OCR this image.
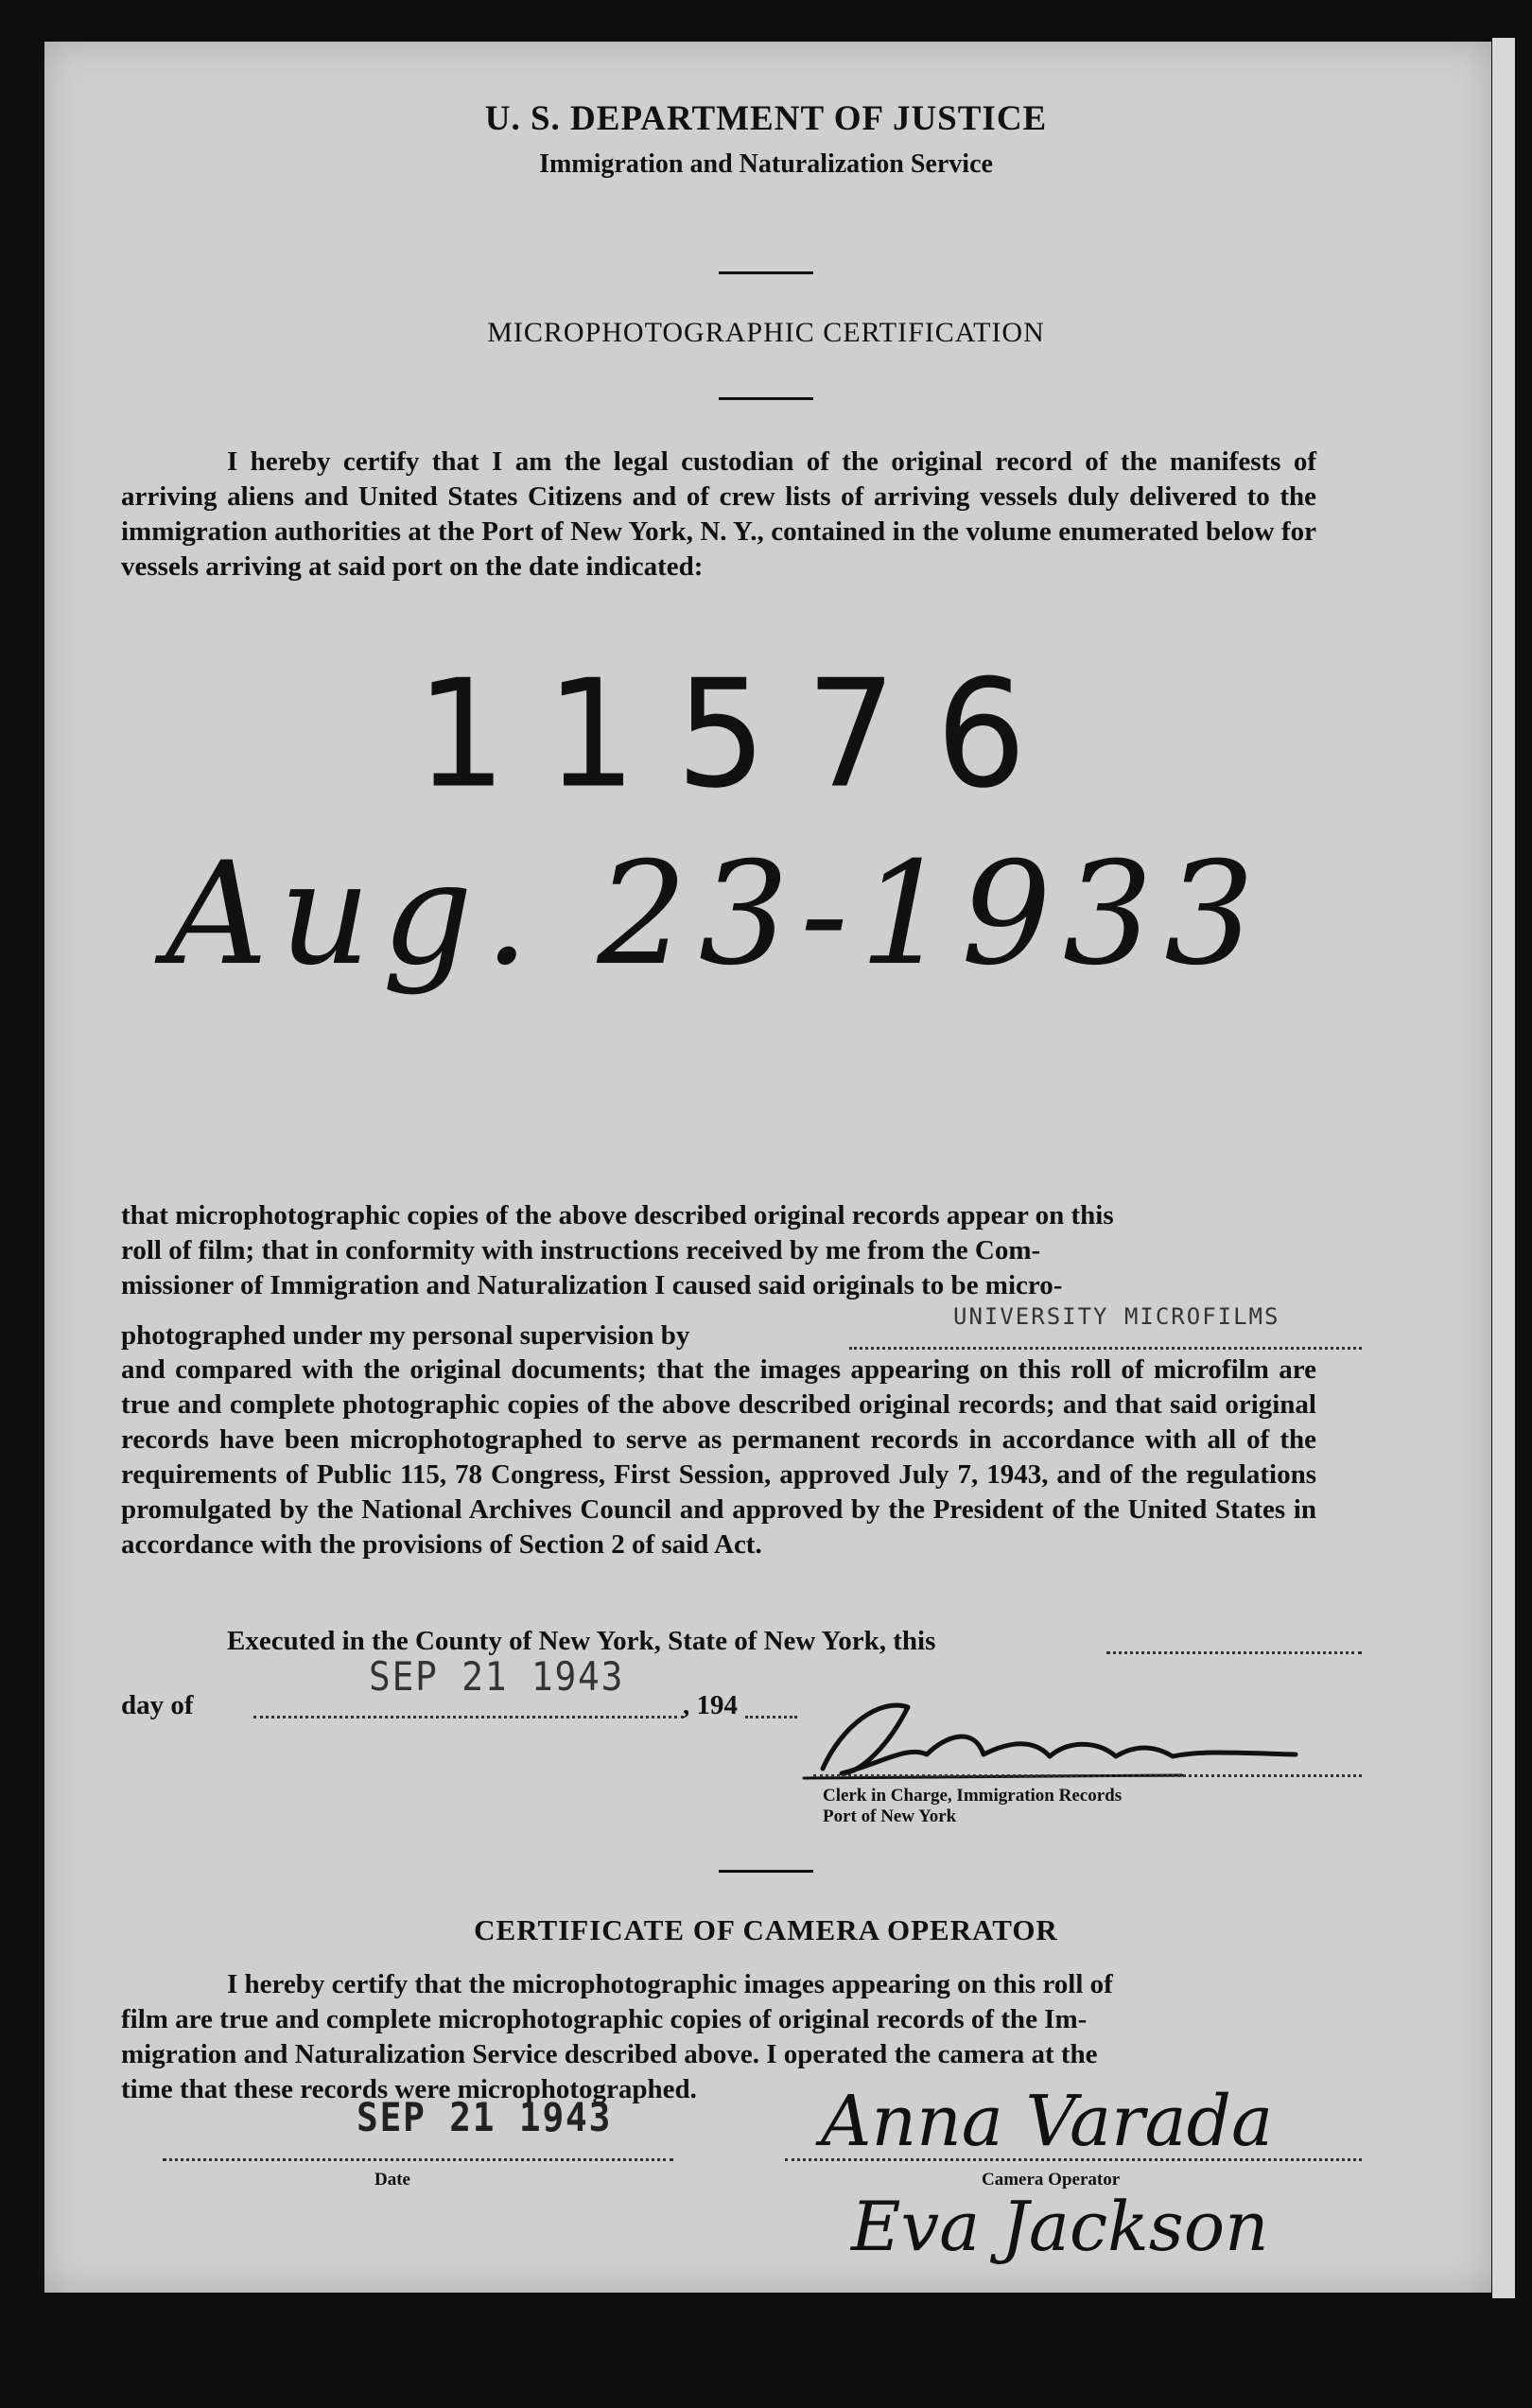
U. S. DEPARTMENT OF JUSTICE
Immigration and Naturalization Service
MICROPHOTOGRAPHIC CERTIFICATION
I hereby certify that I am the legal custodian of the original record of the manifests of arriving aliens and United States Citizens and of crew lists of arriving vessels duly delivered to the immigration authorities at the Port of New York, N. Y., contained in the volume enumerated below for vessels arriving at said port on the date indicated:
11576
Aug. 23-1933
that microphotographic copies of the above described original records appear on this
roll of film; that in conformity with instructions received by me from the Com-
missioner of Immigration and Naturalization I caused said originals to be micro-
photographed under my personal supervision by
UNIVERSITY MICROFILMS
and compared with the original documents; that the images appearing on this roll of microfilm are true and complete photographic copies of the above described original records; and that said original records have been microphotographed to serve as permanent records in accordance with all of the requirements of Public 115, 78 Congress, First Session, approved July 7, 1943, and of the regulations promulgated by the National Archives Council and approved by the President of the United States in accordance with the provisions of Section 2 of said Act.
Executed in the County of New York, State of New York, this
day of
SEP 21 1943
, 194
Clerk in Charge, Immigration Records
Port of New York
CERTIFICATE OF CAMERA OPERATOR
I hereby certify that the microphotographic images appearing on this roll of
film are true and complete microphotographic copies of original records of the Im-
migration and Naturalization Service described above. I operated the camera at the
time that these records were microphotographed.
SEP 21 1943
Date
Anna Varada
Camera Operator
Eva Jackson
